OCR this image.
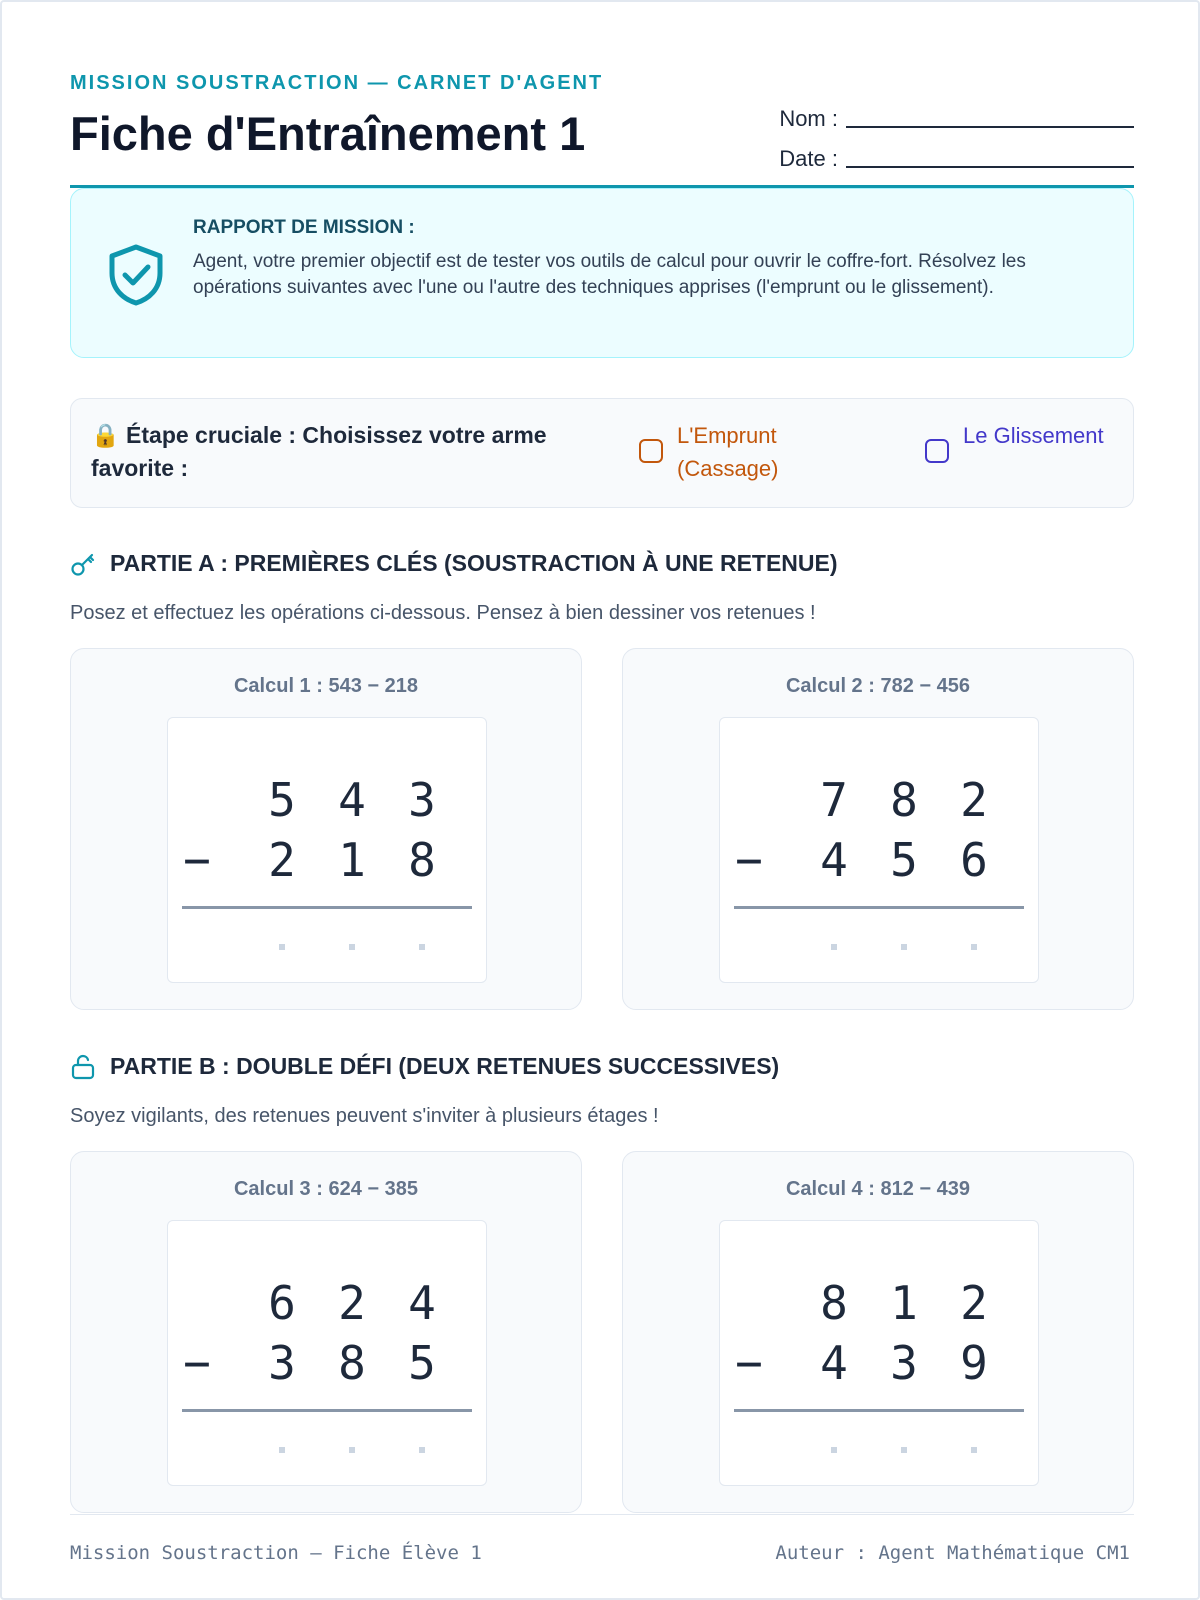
MISSION SOUSTRACTION — CARNET D'AGENT
Fiche d'Entraînement 1	Nom :
Date :
RAPPORT DE MISSION :
Agent, votre premier objectif est de tester vos outils de calcul pour ouvrir le coffre-fort. Résolvez les opérations suivantes avec l'une ou l'autre des techniques apprises (l'emprunt ou le glissement).
🔒 Étape cruciale : Choisissez votre arme favorite :
L'Emprunt (Cassage)
Le Glissement
PARTIE A : PREMIÈRES CLÉS (SOUSTRACTION À UNE RETENUE)
Posez et effectuez les opérations ci-dessous. Pensez à bien dessiner vos retenues !
Calcul 1 : 543 − 218
5 4 3
− 2 1 8
Calcul 2 : 782 − 456
7 8 2
− 4 5 6
PARTIE B : DOUBLE DÉFI (DEUX RETENUES SUCCESSIVES)
Soyez vigilants, des retenues peuvent s'inviter à plusieurs étages !
Calcul 3 : 624 − 385
6 2 4
− 3 8 5
Calcul 4 : 812 − 439
8 1 2
− 4 3 9
Mission Soustraction — Fiche Élève 1	Auteur : Agent Mathématique CM1
